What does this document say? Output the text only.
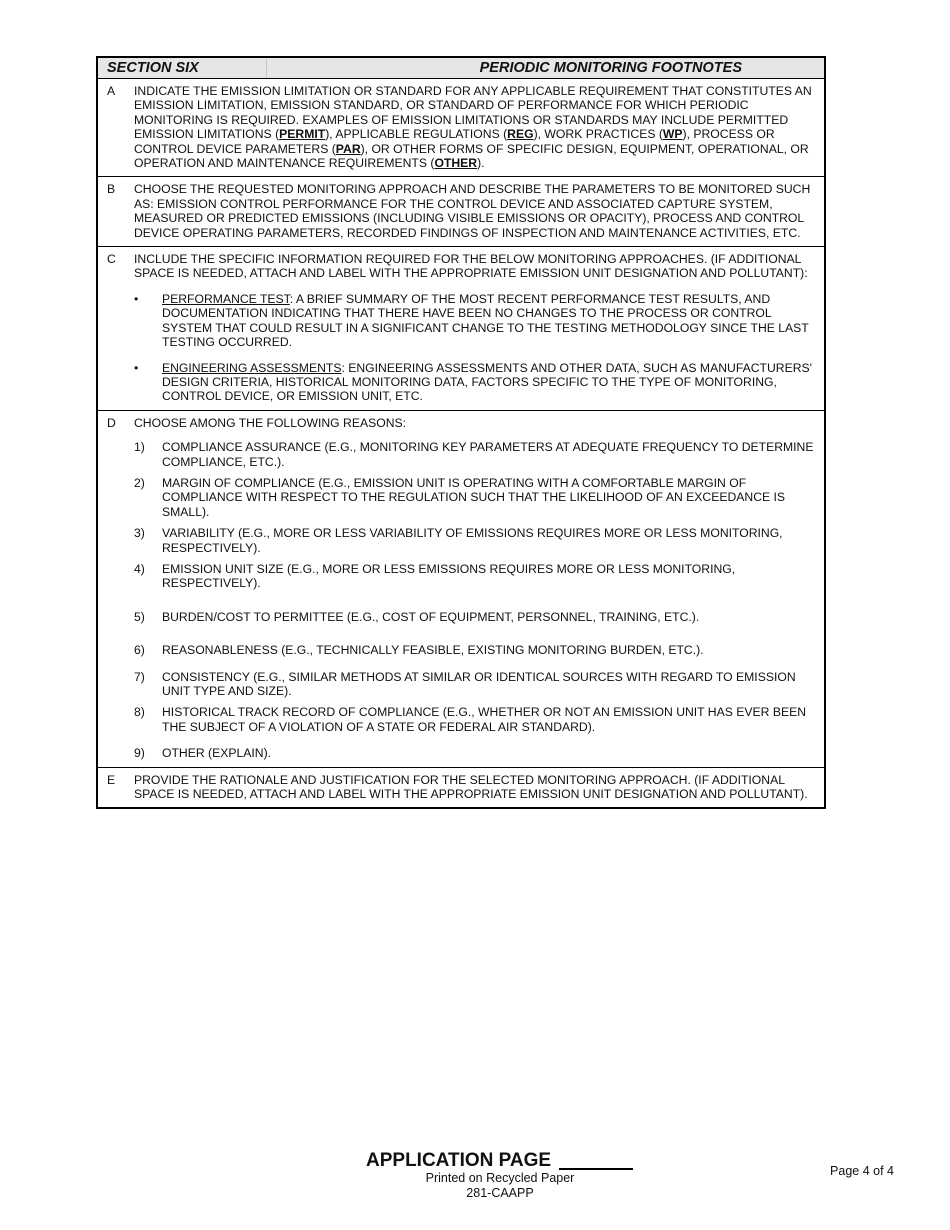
SECTION SIX	PERIODIC MONITORING FOOTNOTES
A	INDICATE THE EMISSION LIMITATION OR STANDARD FOR ANY APPLICABLE REQUIREMENT THAT CONSTITUTES AN EMISSION LIMITATION, EMISSION STANDARD, OR STANDARD OF PERFORMANCE FOR WHICH PERIODIC MONITORING IS REQUIRED. EXAMPLES OF EMISSION LIMITATIONS OR STANDARDS MAY INCLUDE PERMITTED EMISSION LIMITATIONS (PERMIT), APPLICABLE REGULATIONS (REG), WORK PRACTICES (WP), PROCESS OR CONTROL DEVICE PARAMETERS (PAR), OR OTHER FORMS OF SPECIFIC DESIGN, EQUIPMENT, OPERATIONAL, OR OPERATION AND MAINTENANCE REQUIREMENTS (OTHER).

B	CHOOSE THE REQUESTED MONITORING APPROACH AND DESCRIBE THE PARAMETERS TO BE MONITORED SUCH AS: EMISSION CONTROL PERFORMANCE FOR THE CONTROL DEVICE AND ASSOCIATED CAPTURE SYSTEM, MEASURED OR PREDICTED EMISSIONS (INCLUDING VISIBLE EMISSIONS OR OPACITY), PROCESS AND CONTROL DEVICE OPERATING PARAMETERS, RECORDED FINDINGS OF INSPECTION AND MAINTENANCE ACTIVITIES, ETC.

C	INCLUDE THE SPECIFIC INFORMATION REQUIRED FOR THE BELOW MONITORING APPROACHES. (IF ADDITIONAL SPACE IS NEEDED, ATTACH AND LABEL WITH THE APPROPRIATE EMISSION UNIT DESIGNATION AND POLLUTANT):

•	PERFORMANCE TEST: A BRIEF SUMMARY OF THE MOST RECENT PERFORMANCE TEST RESULTS, AND DOCUMENTATION INDICATING THAT THERE HAVE BEEN NO CHANGES TO THE PROCESS OR CONTROL SYSTEM THAT COULD RESULT IN A SIGNIFICANT CHANGE TO THE TESTING METHODOLOGY SINCE THE LAST TESTING OCCURRED.

•	ENGINEERING ASSESSMENTS: ENGINEERING ASSESSMENTS AND OTHER DATA, SUCH AS MANUFACTURERS' DESIGN CRITERIA, HISTORICAL MONITORING DATA, FACTORS SPECIFIC TO THE TYPE OF MONITORING, CONTROL DEVICE, OR EMISSION UNIT, ETC.

D	CHOOSE AMONG THE FOLLOWING REASONS:

1)	COMPLIANCE ASSURANCE (E.G., MONITORING KEY PARAMETERS AT ADEQUATE FREQUENCY TO DETERMINE COMPLIANCE, ETC.).

2)	MARGIN OF COMPLIANCE (E.G., EMISSION UNIT IS OPERATING WITH A COMFORTABLE MARGIN OF COMPLIANCE WITH RESPECT TO THE REGULATION SUCH THAT THE LIKELIHOOD OF AN EXCEEDANCE IS SMALL).

3)	VARIABILITY (E.G., MORE OR LESS VARIABILITY OF EMISSIONS REQUIRES MORE OR LESS MONITORING, RESPECTIVELY).

4)	EMISSION UNIT SIZE (E.G., MORE OR LESS EMISSIONS REQUIRES MORE OR LESS MONITORING, RESPECTIVELY).

5)	BURDEN/COST TO PERMITTEE (E.G., COST OF EQUIPMENT, PERSONNEL, TRAINING, ETC.).

6)	REASONABLENESS (E.G., TECHNICALLY FEASIBLE, EXISTING MONITORING BURDEN, ETC.).

7)	CONSISTENCY (E.G., SIMILAR METHODS AT SIMILAR OR IDENTICAL SOURCES WITH REGARD TO EMISSION UNIT TYPE AND SIZE).

8)	HISTORICAL TRACK RECORD OF COMPLIANCE (E.G., WHETHER OR NOT AN EMISSION UNIT HAS EVER BEEN THE SUBJECT OF A VIOLATION OF A STATE OR FEDERAL AIR STANDARD).

9)	OTHER (EXPLAIN).

E	PROVIDE THE RATIONALE AND JUSTIFICATION FOR THE SELECTED MONITORING APPROACH. (IF ADDITIONAL SPACE IS NEEDED, ATTACH AND LABEL WITH THE APPROPRIATE EMISSION UNIT DESIGNATION AND POLLUTANT).

APPLICATION PAGE
Printed on Recycled Paper
281-CAAPP
Page 4 of 4
